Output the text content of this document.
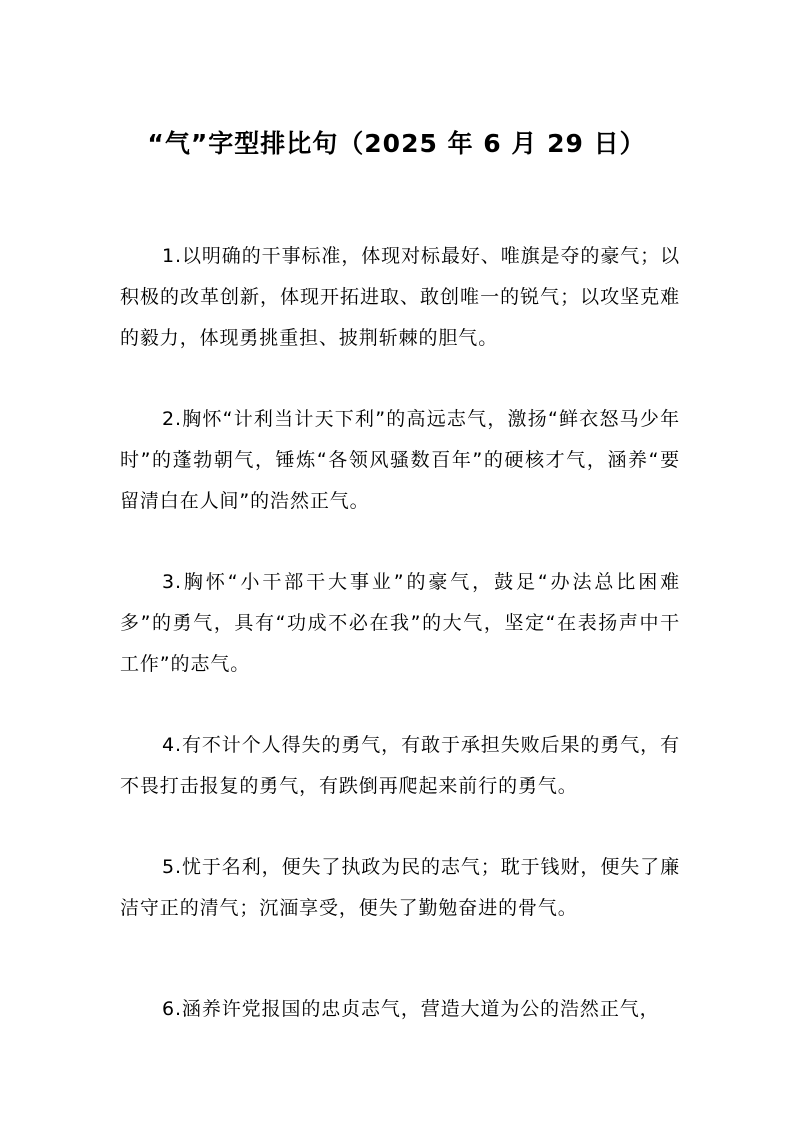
“气”字型排比句（2025 年 6 月 29 日）

1.以明确的干事标准，体现对标最好、唯旗是夺的豪气；以积极的改革创新，体现开拓进取、敢创唯一的锐气；以攻坚克难的毅力，体现勇挑重担、披荆斩棘的胆气。

2.胸怀“计利当计天下利”的高远志气，激扬“鲜衣怒马少年时”的蓬勃朝气，锤炼“各领风骚数百年”的硬核才气，涵养“要留清白在人间”的浩然正气。

3.胸怀“小干部干大事业”的豪气，鼓足“办法总比困难多”的勇气，具有“功成不必在我”的大气，坚定“在表扬声中干工作”的志气。

4.有不计个人得失的勇气，有敢于承担失败后果的勇气，有不畏打击报复的勇气，有跌倒再爬起来前行的勇气。

5.忧于名利，便失了执政为民的志气；耽于钱财，便失了廉洁守正的清气；沉湎享受，便失了勤勉奋进的骨气。

6.涵养许党报国的忠贞志气，营造大道为公的浩然正气，
